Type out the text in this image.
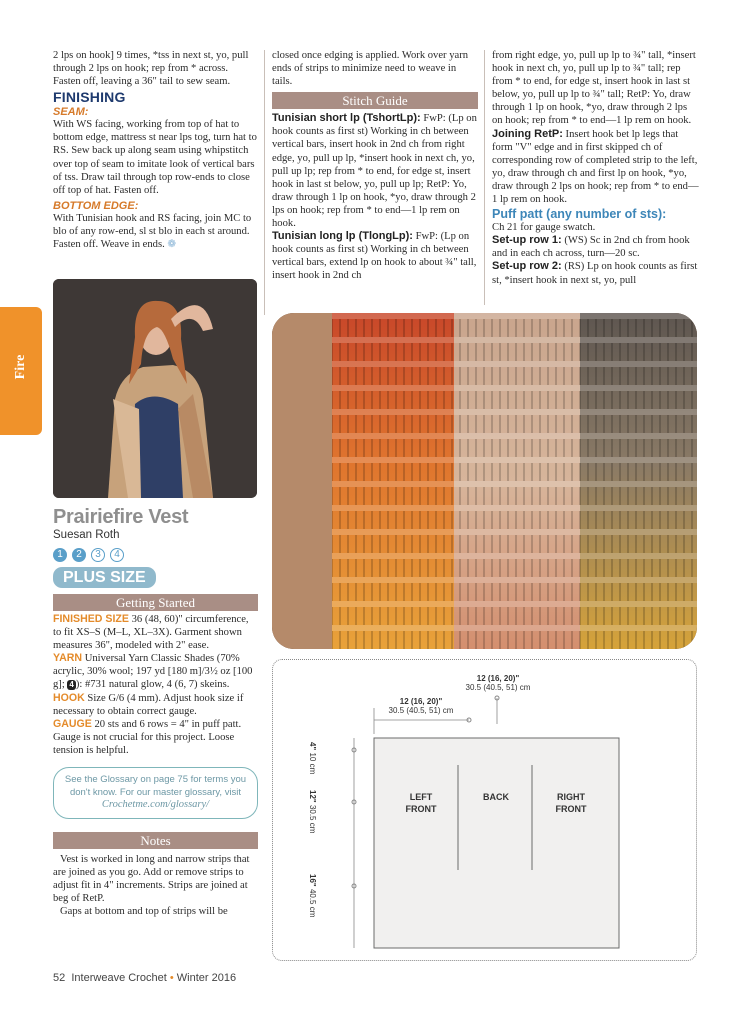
Fire

2 lps on hook] 9 times, *tss in next st, yo, pull through 2 lps on hook; rep from * across. Fasten off, leaving a 36" tail to sew seam.

FINISHING
SEAM:

With WS facing, working from top of hat to bottom edge, mattress st near lps tog, turn hat to RS. Sew back up along seam using whipstitch over top of seam to imitate look of vertical bars of tss. Draw tail through top row-ends to close off top of hat. Fasten off.

BOTTOM EDGE:

With Tunisian hook and RS facing, join MC to blo of any row-end, sl st blo in each st around. Fasten off. Weave in ends. ❁

Prairiefire Vest
Suesan Roth
1 2 3 4
PLUS SIZE
Getting Started

FINISHED SIZE 36 (48, 60)" circumference, to fit XS–S (M–L, XL–3X). Garment shown measures 36", modeled with 2" ease.

YARN Universal Yarn Classic Shades (70% acrylic, 30% wool; 197 yd [180 m]/3½ oz [100 g]; 4 ): #731 natural glow, 4 (6, 7) skeins.

HOOK Size G/6 (4 mm). Adjust hook size if necessary to obtain correct gauge.

GAUGE 20 sts and 6 rows = 4" in puff patt. Gauge is not crucial for this project. Loose tension is helpful.

See the Glossary on page 75 for terms you don't know. For our master glossary, visit Crochetme.com/glossary/
Notes

Vest is worked in long and narrow strips that are joined as you go. Add or remove strips to adjust fit in 4" increments. Strips are joined at beg of RetP.

Gaps at bottom and top of strips will be

closed once edging is applied. Work over yarn ends of strips to minimize need to weave in tails.

Stitch Guide

Tunisian short lp (TshortLp): FwP: (Lp on hook counts as first st) Working in ch between vertical bars, insert hook in 2nd ch from right edge, yo, pull up lp, *insert hook in next ch, yo, pull up lp; rep from * to end, for edge st, insert hook in last st below, yo, pull up lp; RetP: Yo, draw through 1 lp on hook, *yo, draw through 2 lps on hook; rep from * to end—1 lp rem on hook.

Tunisian long lp (TlongLp): FwP: (Lp on hook counts as first st) Working in ch between vertical bars, extend lp on hook to about ¾" tall, insert hook in 2nd ch

from right edge, yo, pull up lp to ¾" tall, *insert hook in next ch, yo, pull up lp to ¾" tall; rep from * to end, for edge st, insert hook in last st below, yo, pull up lp to ¾" tall; RetP: Yo, draw through 1 lp on hook, *yo, draw through 2 lps on hook; rep from * to end—1 lp rem on hook.

Joining RetP: Insert hook bet lp legs that form "V" edge and in first skipped ch of corresponding row of completed strip to the left, yo, draw through ch and first lp on hook, *yo, draw through 2 lps on hook; rep from * to end—1 lp rem on hook.

Puff patt (any number of sts):

Ch 21 for gauge swatch.

Set-up row 1: (WS) Sc in 2nd ch from hook and in each ch across, turn—20 sc.

Set-up row 2: (RS) Lp on hook counts as first st, *insert hook in next st, yo, pull

12 (16, 20)"
30.5 (40.5, 51) cm
12 (16, 20)"
30.5 (40.5, 51) cm
4" 10 cm
12" 30.5 cm
16" 40.5 cm
LEFT FRONT
BACK	RIGHT FRONT
52 Interweave Crochet • Winter 2016
